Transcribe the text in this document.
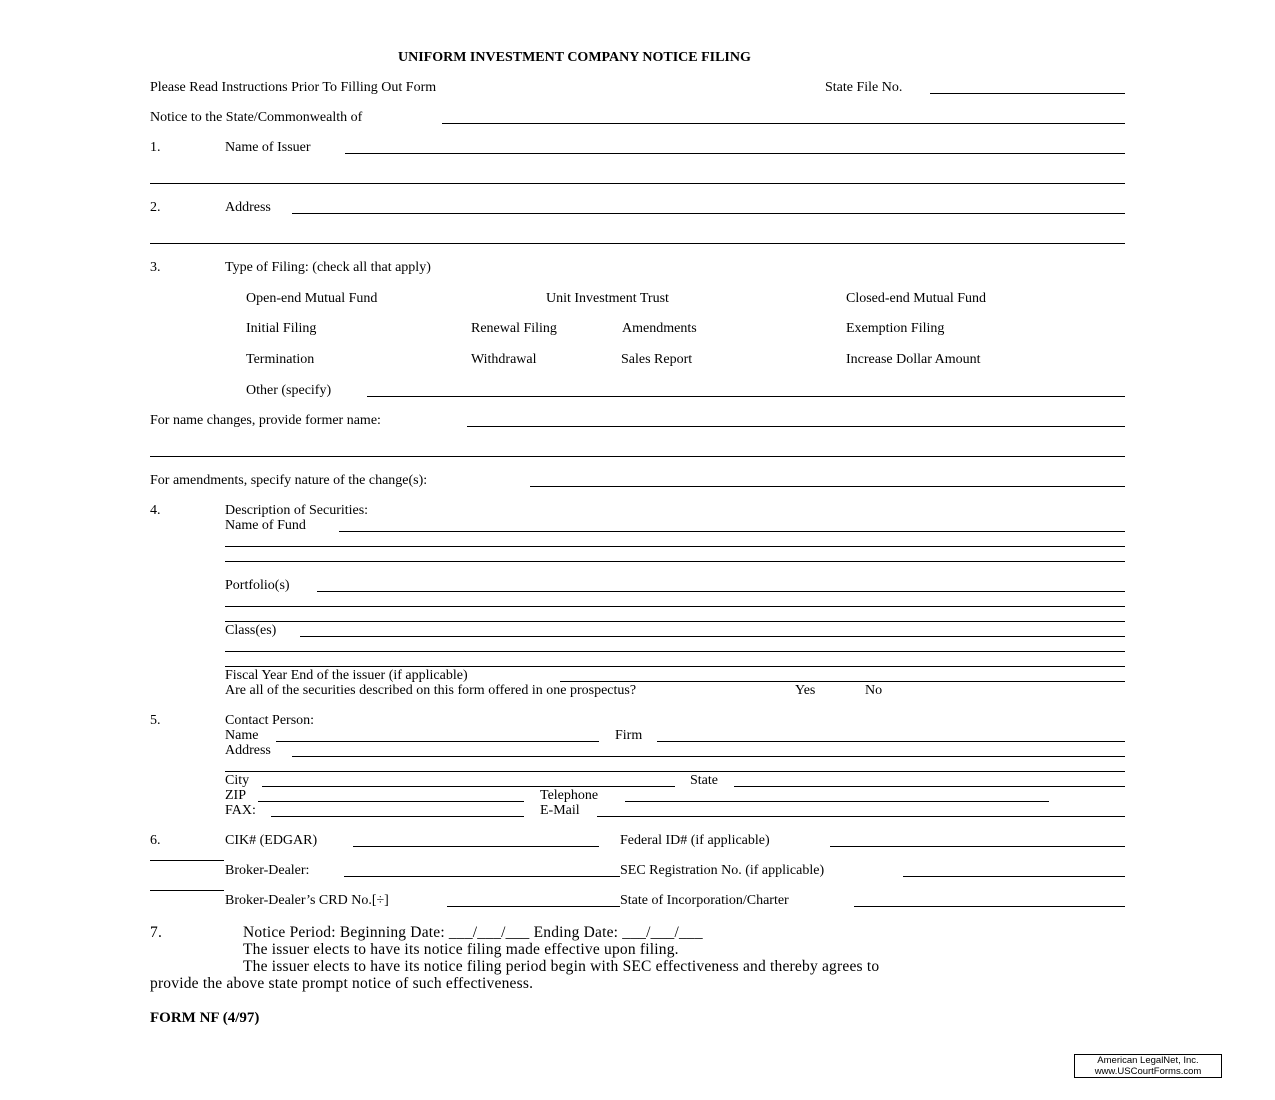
UNIFORM INVESTMENT COMPANY NOTICE FILING
Please Read Instructions Prior To Filling Out Form	State File No.
Notice to the State/Commonwealth of
1.	Name of Issuer
2.	Address
3.	Type of Filing: (check all that apply)
Open-end Mutual Fund	Unit Investment Trust	Closed-end Mutual Fund
Initial Filing	Renewal Filing	Amendments	Exemption Filing
Termination	Withdrawal	Sales Report	Increase Dollar Amount
Other (specify)
For name changes, provide former name:
For amendments, specify nature of the change(s):
4.	Description of Securities:
Name of Fund
Portfolio(s)
Class(es)
Fiscal Year End of the issuer (if applicable)
Are all of the securities described on this form offered in one prospectus?	Yes	No
5.	Contact Person:
Name	Firm
Address
City	State
ZIP	Telephone
FAX:	E-Mail
6.	CIK# (EDGAR)	Federal ID# (if applicable)
Broker-Dealer:	SEC Registration No. (if applicable)
Broker-Dealer’s CRD No.[÷]	State of Incorporation/Charter
7.	Notice Period: Beginning Date: ___/___/___ Ending Date: ___/___/___
The issuer elects to have its notice filing made effective upon filing.
The issuer elects to have its notice filing period begin with SEC effectiveness and thereby agrees to
provide the above state prompt notice of such effectiveness.
FORM NF (4/97)
American LegalNet, Inc.
www.USCourtForms.com
